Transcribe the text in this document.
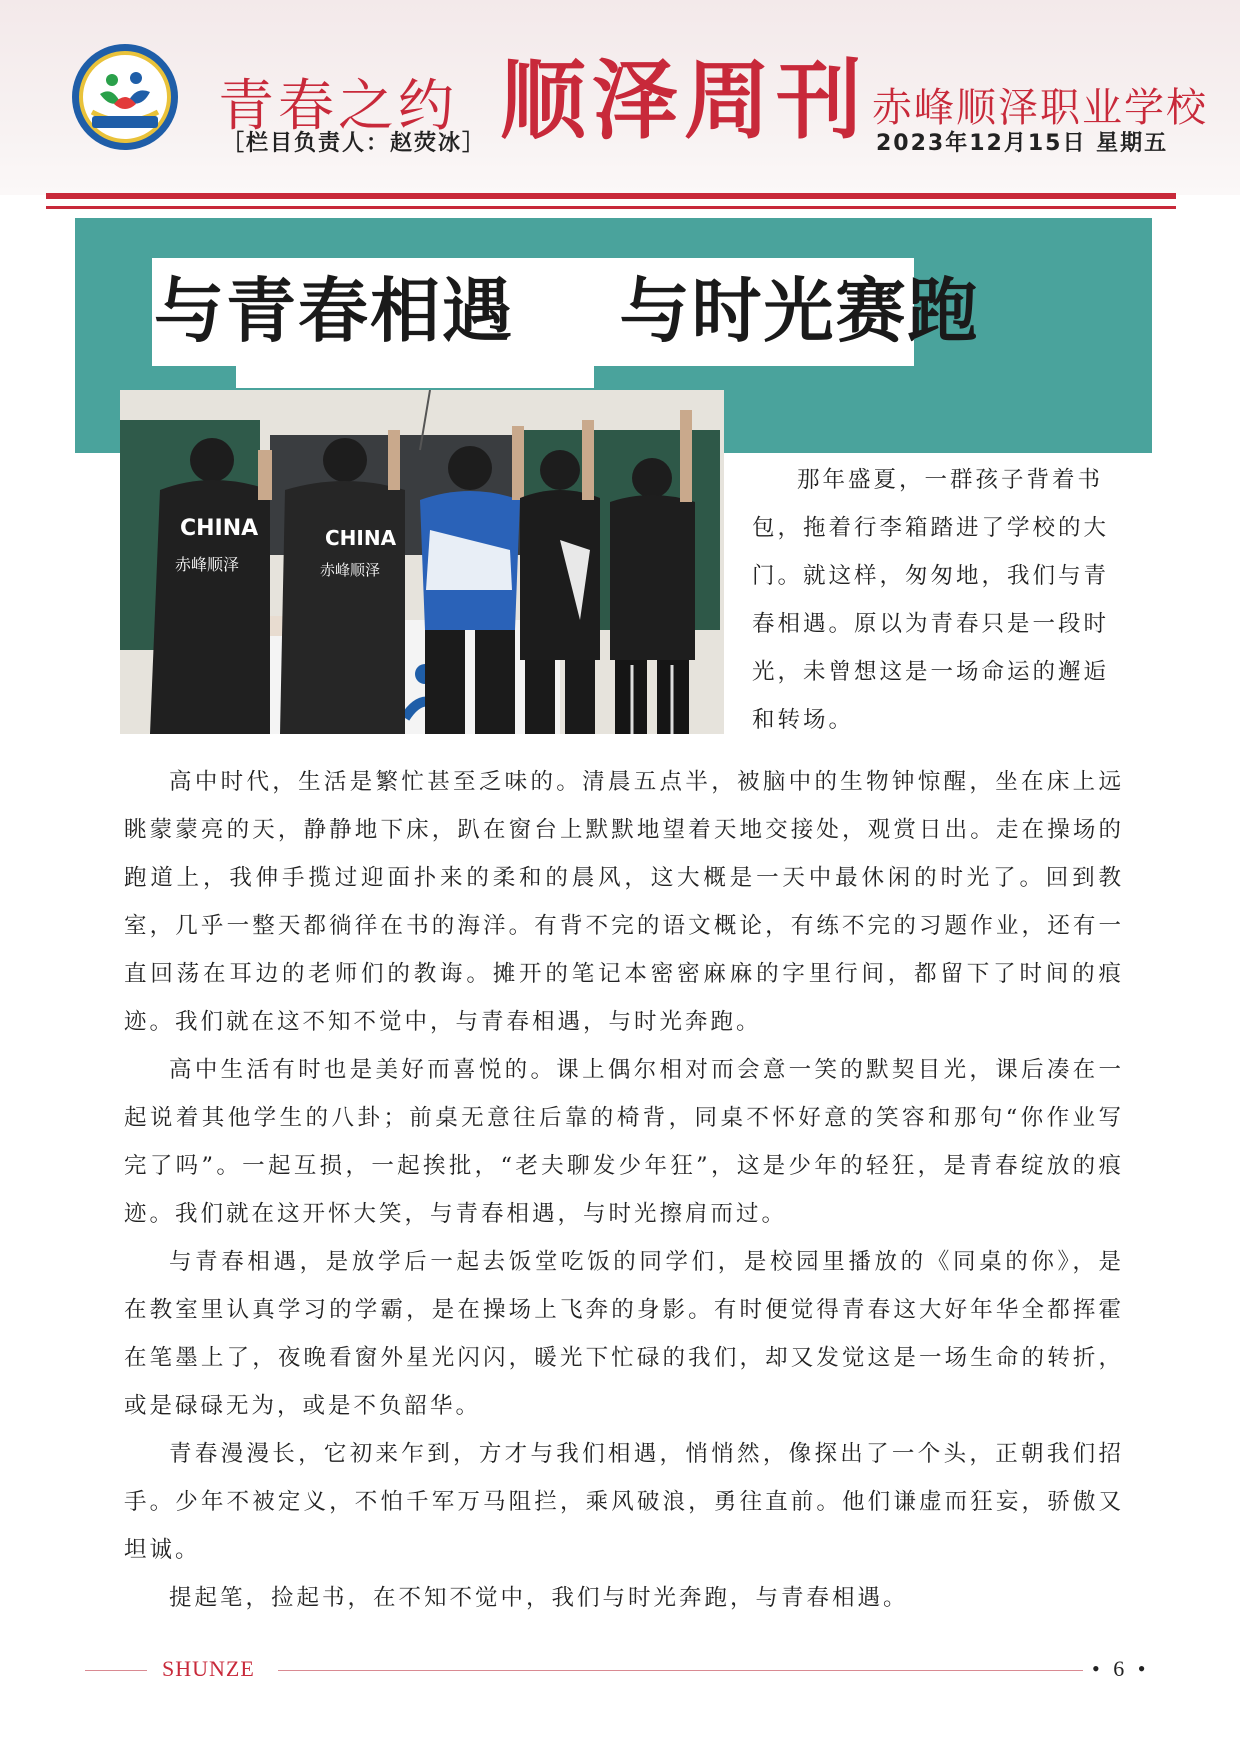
青春之约
［栏目负责人：赵荧冰］ 顺泽周刊 赤峰顺泽职业学校
2023年12月15日 星期五
与青春相遇    与时光赛跑
CHINA
赤峰顺泽
CHINA
赤峰顺泽

那年盛夏，一群孩子背着书包，拖着行李箱踏进了学校的大门。就这样，匆匆地，我们与青春相遇。原以为青春只是一段时光，未曾想这是一场命运的邂逅和转场。

高中时代，生活是繁忙甚至乏味的。清晨五点半，被脑中的生物钟惊醒，坐在床上远眺蒙蒙亮的天，静静地下床，趴在窗台上默默地望着天地交接处，观赏日出。走在操场的跑道上，我伸手揽过迎面扑来的柔和的晨风，这大概是一天中最休闲的时光了。回到教室，几乎一整天都徜徉在书的海洋。有背不完的语文概论，有练不完的习题作业，还有一直回荡在耳边的老师们的教诲。摊开的笔记本密密麻麻的字里行间，都留下了时间的痕迹。我们就在这不知不觉中，与青春相遇，与时光奔跑。

高中生活有时也是美好而喜悦的。课上偶尔相对而会意一笑的默契目光，课后凑在一起说着其他学生的八卦；前桌无意往后靠的椅背，同桌不怀好意的笑容和那句“你作业写完了吗”。一起互损，一起挨批，“老夫聊发少年狂”，这是少年的轻狂，是青春绽放的痕迹。我们就在这开怀大笑，与青春相遇，与时光擦肩而过。

与青春相遇，是放学后一起去饭堂吃饭的同学们，是校园里播放的《同桌的你》，是在教室里认真学习的学霸，是在操场上飞奔的身影。有时便觉得青春这大好年华全都挥霍在笔墨上了，夜晚看窗外星光闪闪，暖光下忙碌的我们，却又发觉这是一场生命的转折，或是碌碌无为，或是不负韶华。

青春漫漫长，它初来乍到，方才与我们相遇，悄悄然，像探出了一个头，正朝我们招手。少年不被定义，不怕千军万马阻拦，乘风破浪，勇往直前。他们谦虚而狂妄，骄傲又坦诚。

提起笔，捡起书，在不知不觉中，我们与时光奔跑，与青春相遇。

SHUNZE	• 6 •
